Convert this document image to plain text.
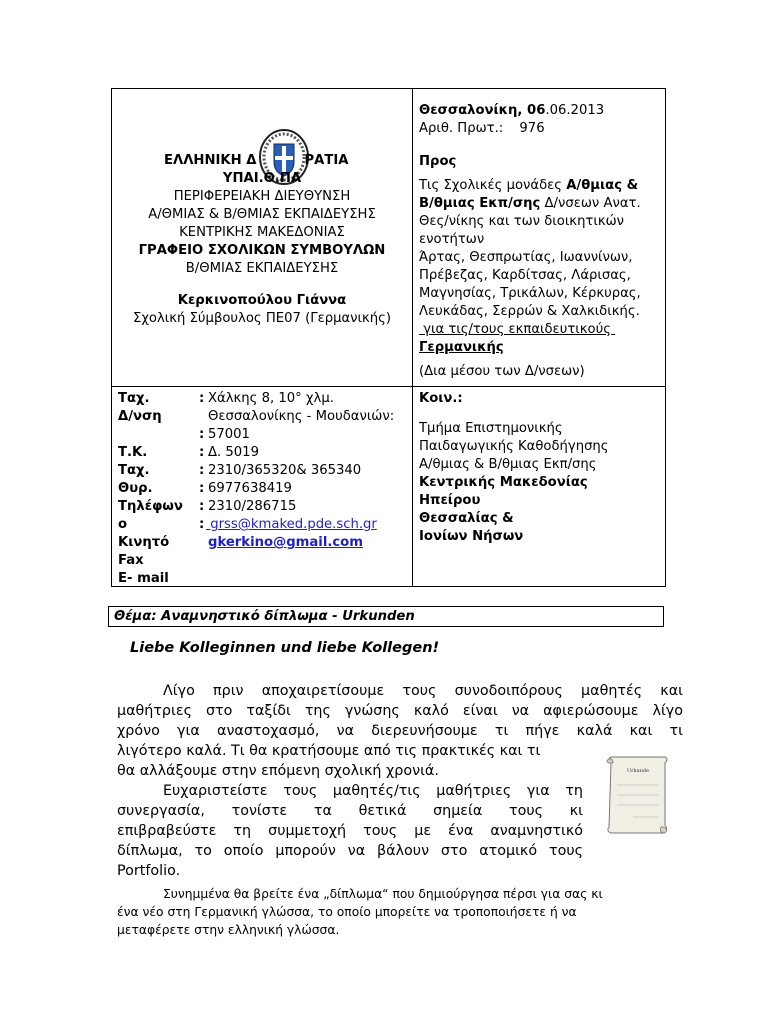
Θεσσαλονίκη, 06.06.2013
Αριθ. Πρωτ.: 976
ΕΛΛΗΝΙΚΗ Δ	ΡΑΤΙΑ
ΥΠΑΙ.Θ.ΠΑ
ΠΕΡΙΦΕΡΕΙΑΚΗ ΔΙΕΥΘΥΝΣΗ
Α/ΘΜΙΑΣ & Β/ΘΜΙΑΣ ΕΚΠΑΙΔΕΥΣΗΣ
ΚΕΝΤΡΙΚΗΣ ΜΑΚΕΔΟΝΙΑΣ
ΓΡΑΦΕΙΟ ΣΧΟΛΙΚΩΝ ΣΥΜΒΟΥΛΩΝ
Β/ΘΜΙΑΣ ΕΚΠΑΙΔΕΥΣΗΣ
Κερκινοπούλου Γιάννα
Σχολική Σύμβουλος ΠΕ07 (Γερμανικής)
Προς
Τις Σχολικές μονάδες Α/θμιας &
Β/θμιας Εκπ/σης Δ/νσεων Ανατ.
Θες/νίκης και των διοικητικών
ενοτήτων
Άρτας, Θεσπρωτίας, Ιωαννίνων,
Πρέβεζας, Καρδίτσας, Λάρισας,
Μαγνησίας, Τρικάλων, Κέρκυρας,
Λευκάδας, Σερρών & Χαλκιδικής.
για τις/τους εκπαιδευτικούς
Γερμανικής
(Δια μέσου των Δ/νσεων)
Ταχ.
Δ/νση
Τ.Κ.
Ταχ.
Θυρ.
Τηλέφων
ο
Κινητό
Fax
E- mail
:
:
:
:
:
:
:
Χάλκης 8, 10° χλμ.
Θεσσαλονίκης - Μουδανιών:
57001
Δ. 5019
2310/365320& 365340
6977638419
2310/286715
grss@kmaked.pde.sch.gr
gkerkino@gmail.com
Κοιν.:
Τμήμα Επιστημονικής
Παιδαγωγικής Καθοδήγησης
Α/θμιας & Β/θμιας Εκπ/σης
Κεντρικής Μακεδονίας
Ηπείρου
Θεσσαλίας &
Ιονίων Νήσων
Θέμα: Αναμνηστικό δίπλωμα - Urkunden
Liebe Kolleginnen und liebe Kollegen!
Λίγο πριν αποχαιρετίσουμε τους συνοδοιπόρους μαθητές και
μαθήτριες στο ταξίδι της γνώσης καλό είναι να αφιερώσουμε λίγο
χρόνο για αναστοχασμό, να διερευνήσουμε τι πήγε καλά και τι
λιγότερο καλά. Τι θα κρατήσουμε από τις πρακτικές και τι
θα αλλάξουμε στην επόμενη σχολική χρονιά.
Ευχαριστείστε τους μαθητές/τις μαθήτριες για τη
συνεργασία, τονίστε τα θετικά σημεία τους κι
επιβραβεύστε τη συμμετοχή τους με ένα αναμνηστικό
δίπλωμα, το οποίο μπορούν να βάλουν στο ατομικό τους
Portfolio.
Urkunde
Συνημμένα θα βρείτε ένα „δίπλωμα“ που δημιούργησα πέρσι για σας κι
ένα νέο στη Γερμανική γλώσσα, το οποίο μπορείτε να τροποποιήσετε ή να
μεταφέρετε στην ελληνική γλώσσα.
